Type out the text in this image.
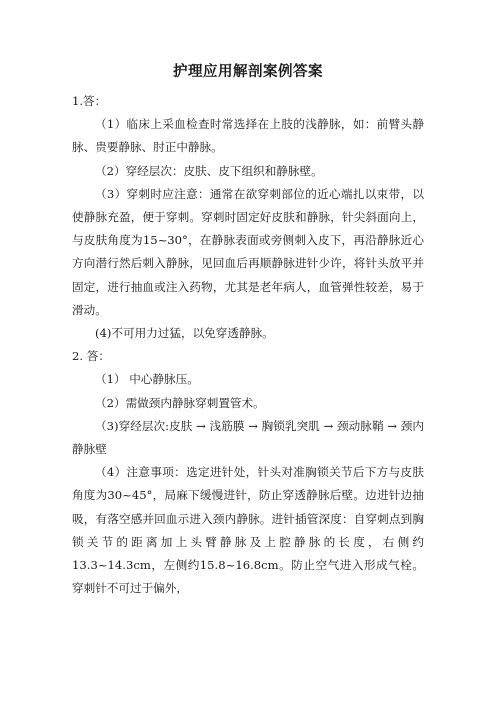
护理应用解剖案例答案

1.答：

（1）临床上采血检查时常选择在上肢的浅静脉，如：前臂头静脉、贵要静脉、肘正中静脉。

（2）穿经层次：皮肤、皮下组织和静脉壁。

（3）穿刺时应注意：通常在欲穿刺部位的近心端扎以束带，以使静脉充盈，便于穿刺。穿刺时固定好皮肤和静脉，针尖斜面向上，与皮肤角度为15~30°，在静脉表面或旁侧刺入皮下，再沿静脉近心方向潜行然后刺入静脉，见回血后再顺静脉进针少许，将针头放平并固定，进行抽血或注入药物，尤其是老年病人，血管弹性较差，易于滑动。

(4)不可用力过猛，以免穿透静脉。

2. 答：

（1） 中心静脉压。

（2）需做颈内静脉穿刺置管术。

（3)穿经层次:皮肤 → 浅筋膜 → 胸锁乳突肌 → 颈动脉鞘 → 颈内静脉壁

（4）注意事项：选定进针处，针头对准胸锁关节后下方与皮肤角度为30~45°，局麻下缓慢进针，防止穿透静脉后壁。边进针边抽吸，有落空感并回血示进入颈内静脉。进针插管深度：自穿刺点到胸锁关节的距离加上头臂静脉及上腔静脉的长度，右侧约13.3~14.3cm，左侧约15.8~16.8cm。防止空气进入形成气栓。穿刺针不可过于偏外，
